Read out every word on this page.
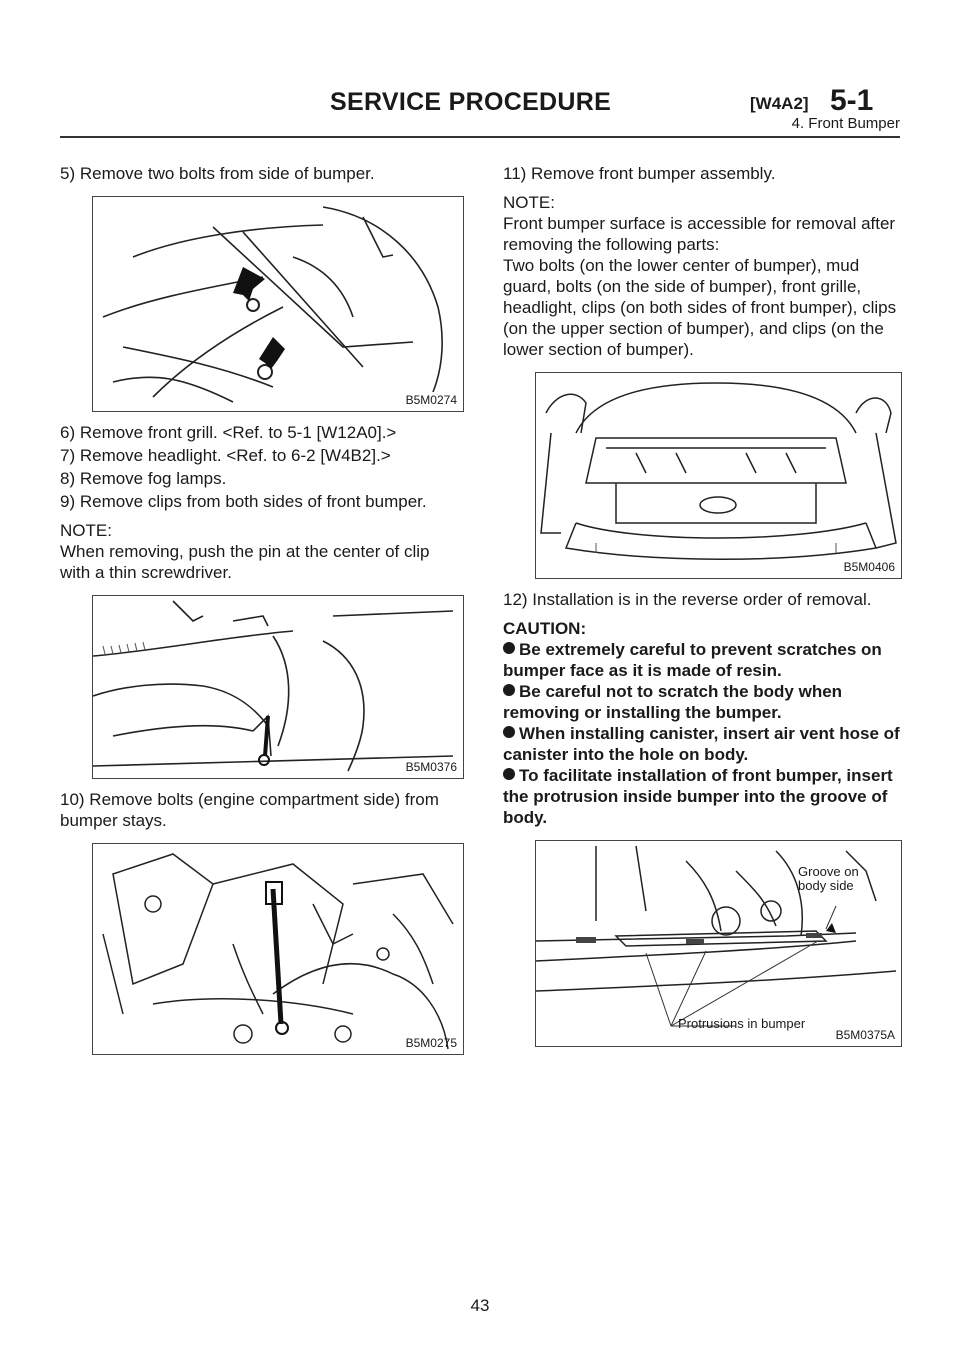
SERVICE PROCEDURE	[W4A2] 5-1
4. Front Bumper

5) Remove two bolts from side of bumper.

B5M0274

6) Remove front grill. <Ref. to 5-1 [W12A0].>

7) Remove headlight. <Ref. to 6-2 [W4B2].>

8) Remove fog lamps.

9) Remove clips from both sides of front bumper.

NOTE:

When removing, push the pin at the center of clip with a thin screwdriver.

B5M0376

10) Remove bolts (engine compartment side) from bumper stays.

B5M0275

11) Remove front bumper assembly.

NOTE:

Front bumper surface is accessible for removal after removing the following parts:

Two bolts (on the lower center of bumper), mud guard, bolts (on the side of bumper), front grille, headlight, clips (on both sides of front bumper), clips (on the upper section of bumper), and clips (on the lower section of bumper).

B5M0406

12) Installation is in the reverse order of removal.

CAUTION:

Be extremely careful to prevent scratches on bumper face as it is made of resin.
Be careful not to scratch the body when removing or installing the bumper.
When installing canister, insert air vent hose of canister into the hole on body.
To facilitate installation of front bumper, insert the protrusion inside bumper into the groove of body.
Groove on body side
Protrusions in bumper
B5M0375A
43
